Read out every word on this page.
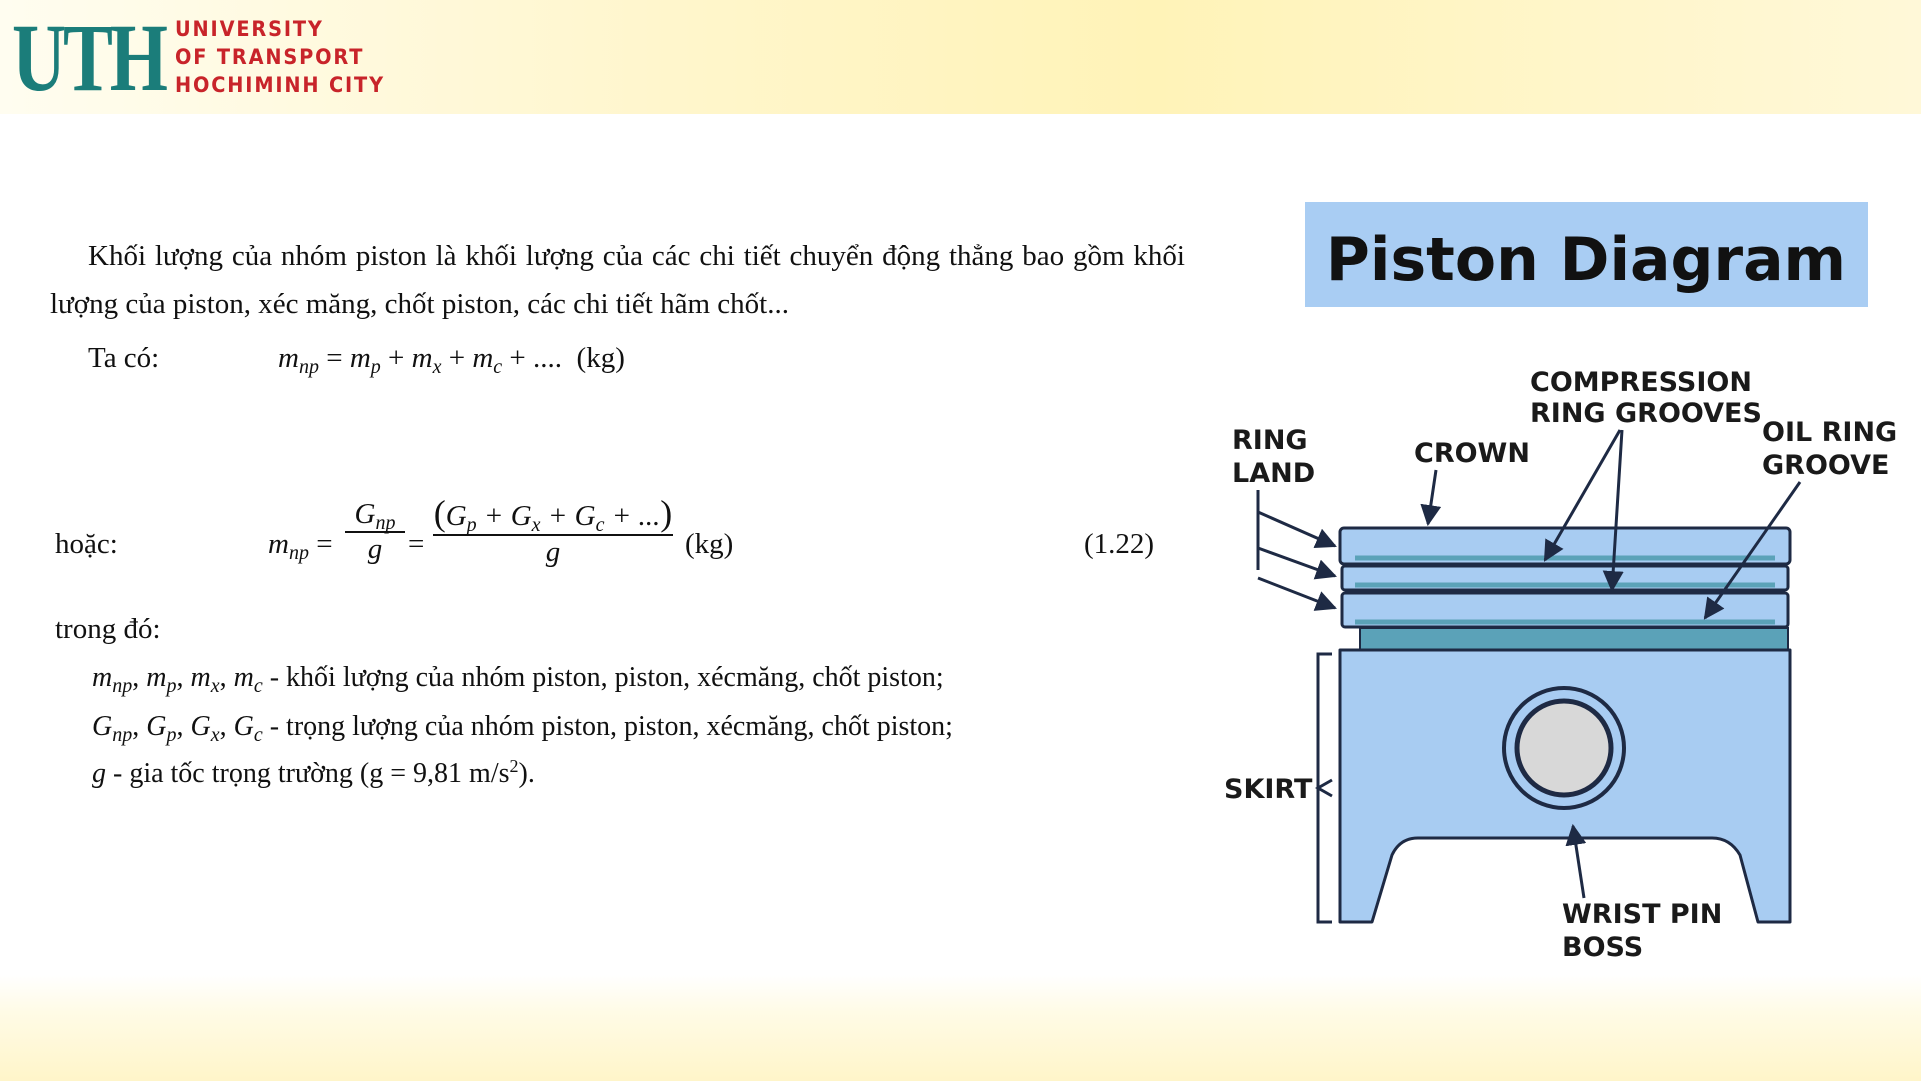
UTH UNIVERSITY
OF TRANSPORT
HOCHIMINH CITY
Khối lượng của nhóm piston là khối lượng của các chi tiết chuyển động thẳng bao gồm khối lượng của piston, xéc măng, chốt piston, các chi tiết hãm chốt...
Ta có:	$m_{np} = m_p + m_x + m_c$ + ....  (kg)
hoặc:	$m_{np}$ =
$G_{np}$
g =
($G_p + G_x + G_c$ + ...)
g	(kg)	(1.22)
trong đó:
$m_{np}$, $m_p$, $m_x$, $m_c$ - khối lượng của nhóm piston, piston, xécmăng, chốt piston;
$G_{np}$, $G_p$, $G_x$, $G_c$ - trọng lượng của nhóm piston, piston, xécmăng, chốt piston;
g - gia tốc trọng trường (g = 9,81 $m/s^2$).
Piston Diagram
COMPRESSION
RING GROOVES
RING
LAND
CROWN
OIL RING
GROOVE
SKIRT
WRIST PIN
BOSS
